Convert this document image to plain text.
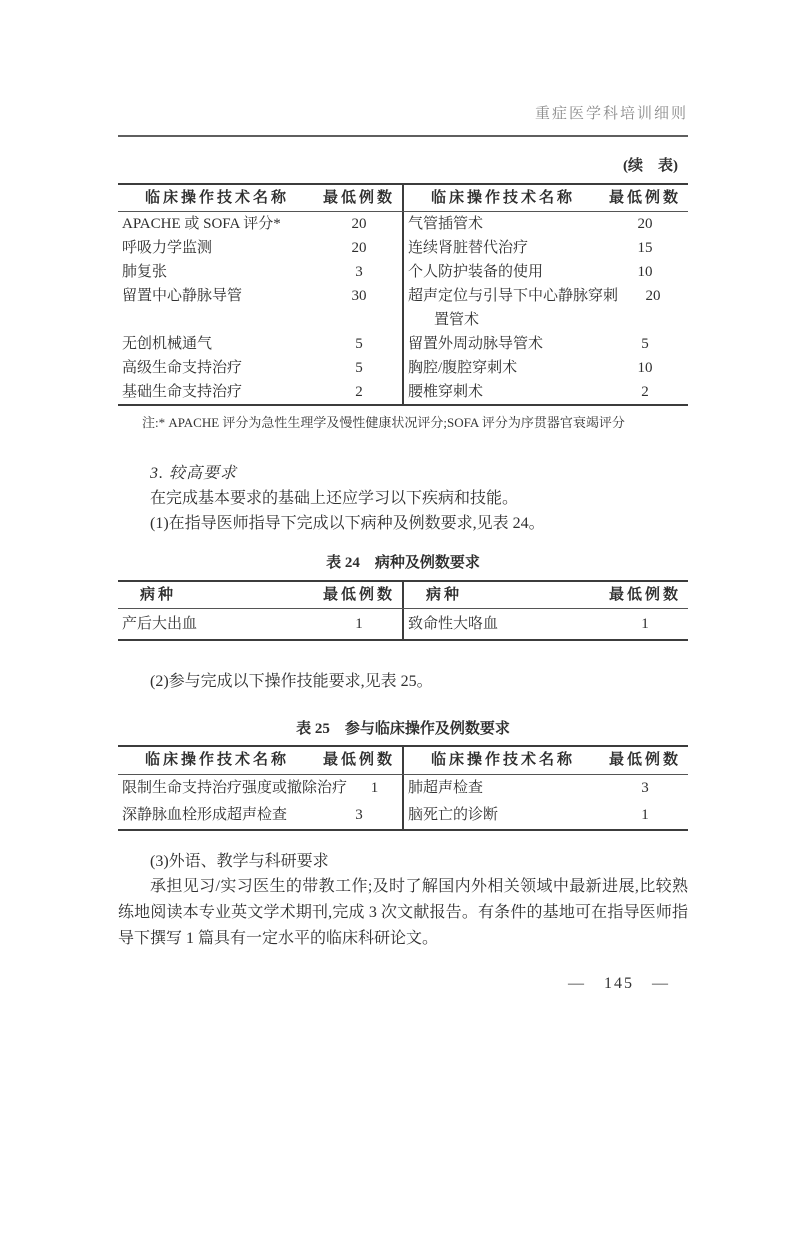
重症医学科培训细则
(续　表)
临床操作技术名称	最低例数	临床操作技术名称	最低例数
APACHE 或 SOFA 评分*	20	气管插管术	20
呼吸力学监测	20	连续肾脏替代治疗	15
肺复张	3	个人防护装备的使用	10
留置中心静脉导管	30	超声定位与引导下中心静脉穿刺	20
置管术
无创机械通气	5	留置外周动脉导管术	5
高级生命支持治疗	5	胸腔/腹腔穿刺术	10
基础生命支持治疗	2	腰椎穿刺术	2
注:* APACHE 评分为急性生理学及慢性健康状况评分;SOFA 评分为序贯器官衰竭评分

3. 较高要求

在完成基本要求的基础上还应学习以下疾病和技能。

(1)在指导医师指导下完成以下病种及例数要求,见表 24。

表 24　病种及例数要求
病种	最低例数	病种	最低例数
产后大出血	1	致命性大咯血	1

(2)参与完成以下操作技能要求,见表 25。

表 25　参与临床操作及例数要求
临床操作技术名称	最低例数	临床操作技术名称	最低例数
限制生命支持治疗强度或撤除治疗	1	肺超声检查	3
深静脉血栓形成超声检查	3	脑死亡的诊断	1

(3)外语、教学与科研要求

承担见习/实习医生的带教工作;及时了解国内外相关领域中最新进展,比较熟练地阅读本专业英文学术期刊,完成 3 次文献报告。有条件的基地可在指导医师指导下撰写 1 篇具有一定水平的临床科研论文。

—　145　—
